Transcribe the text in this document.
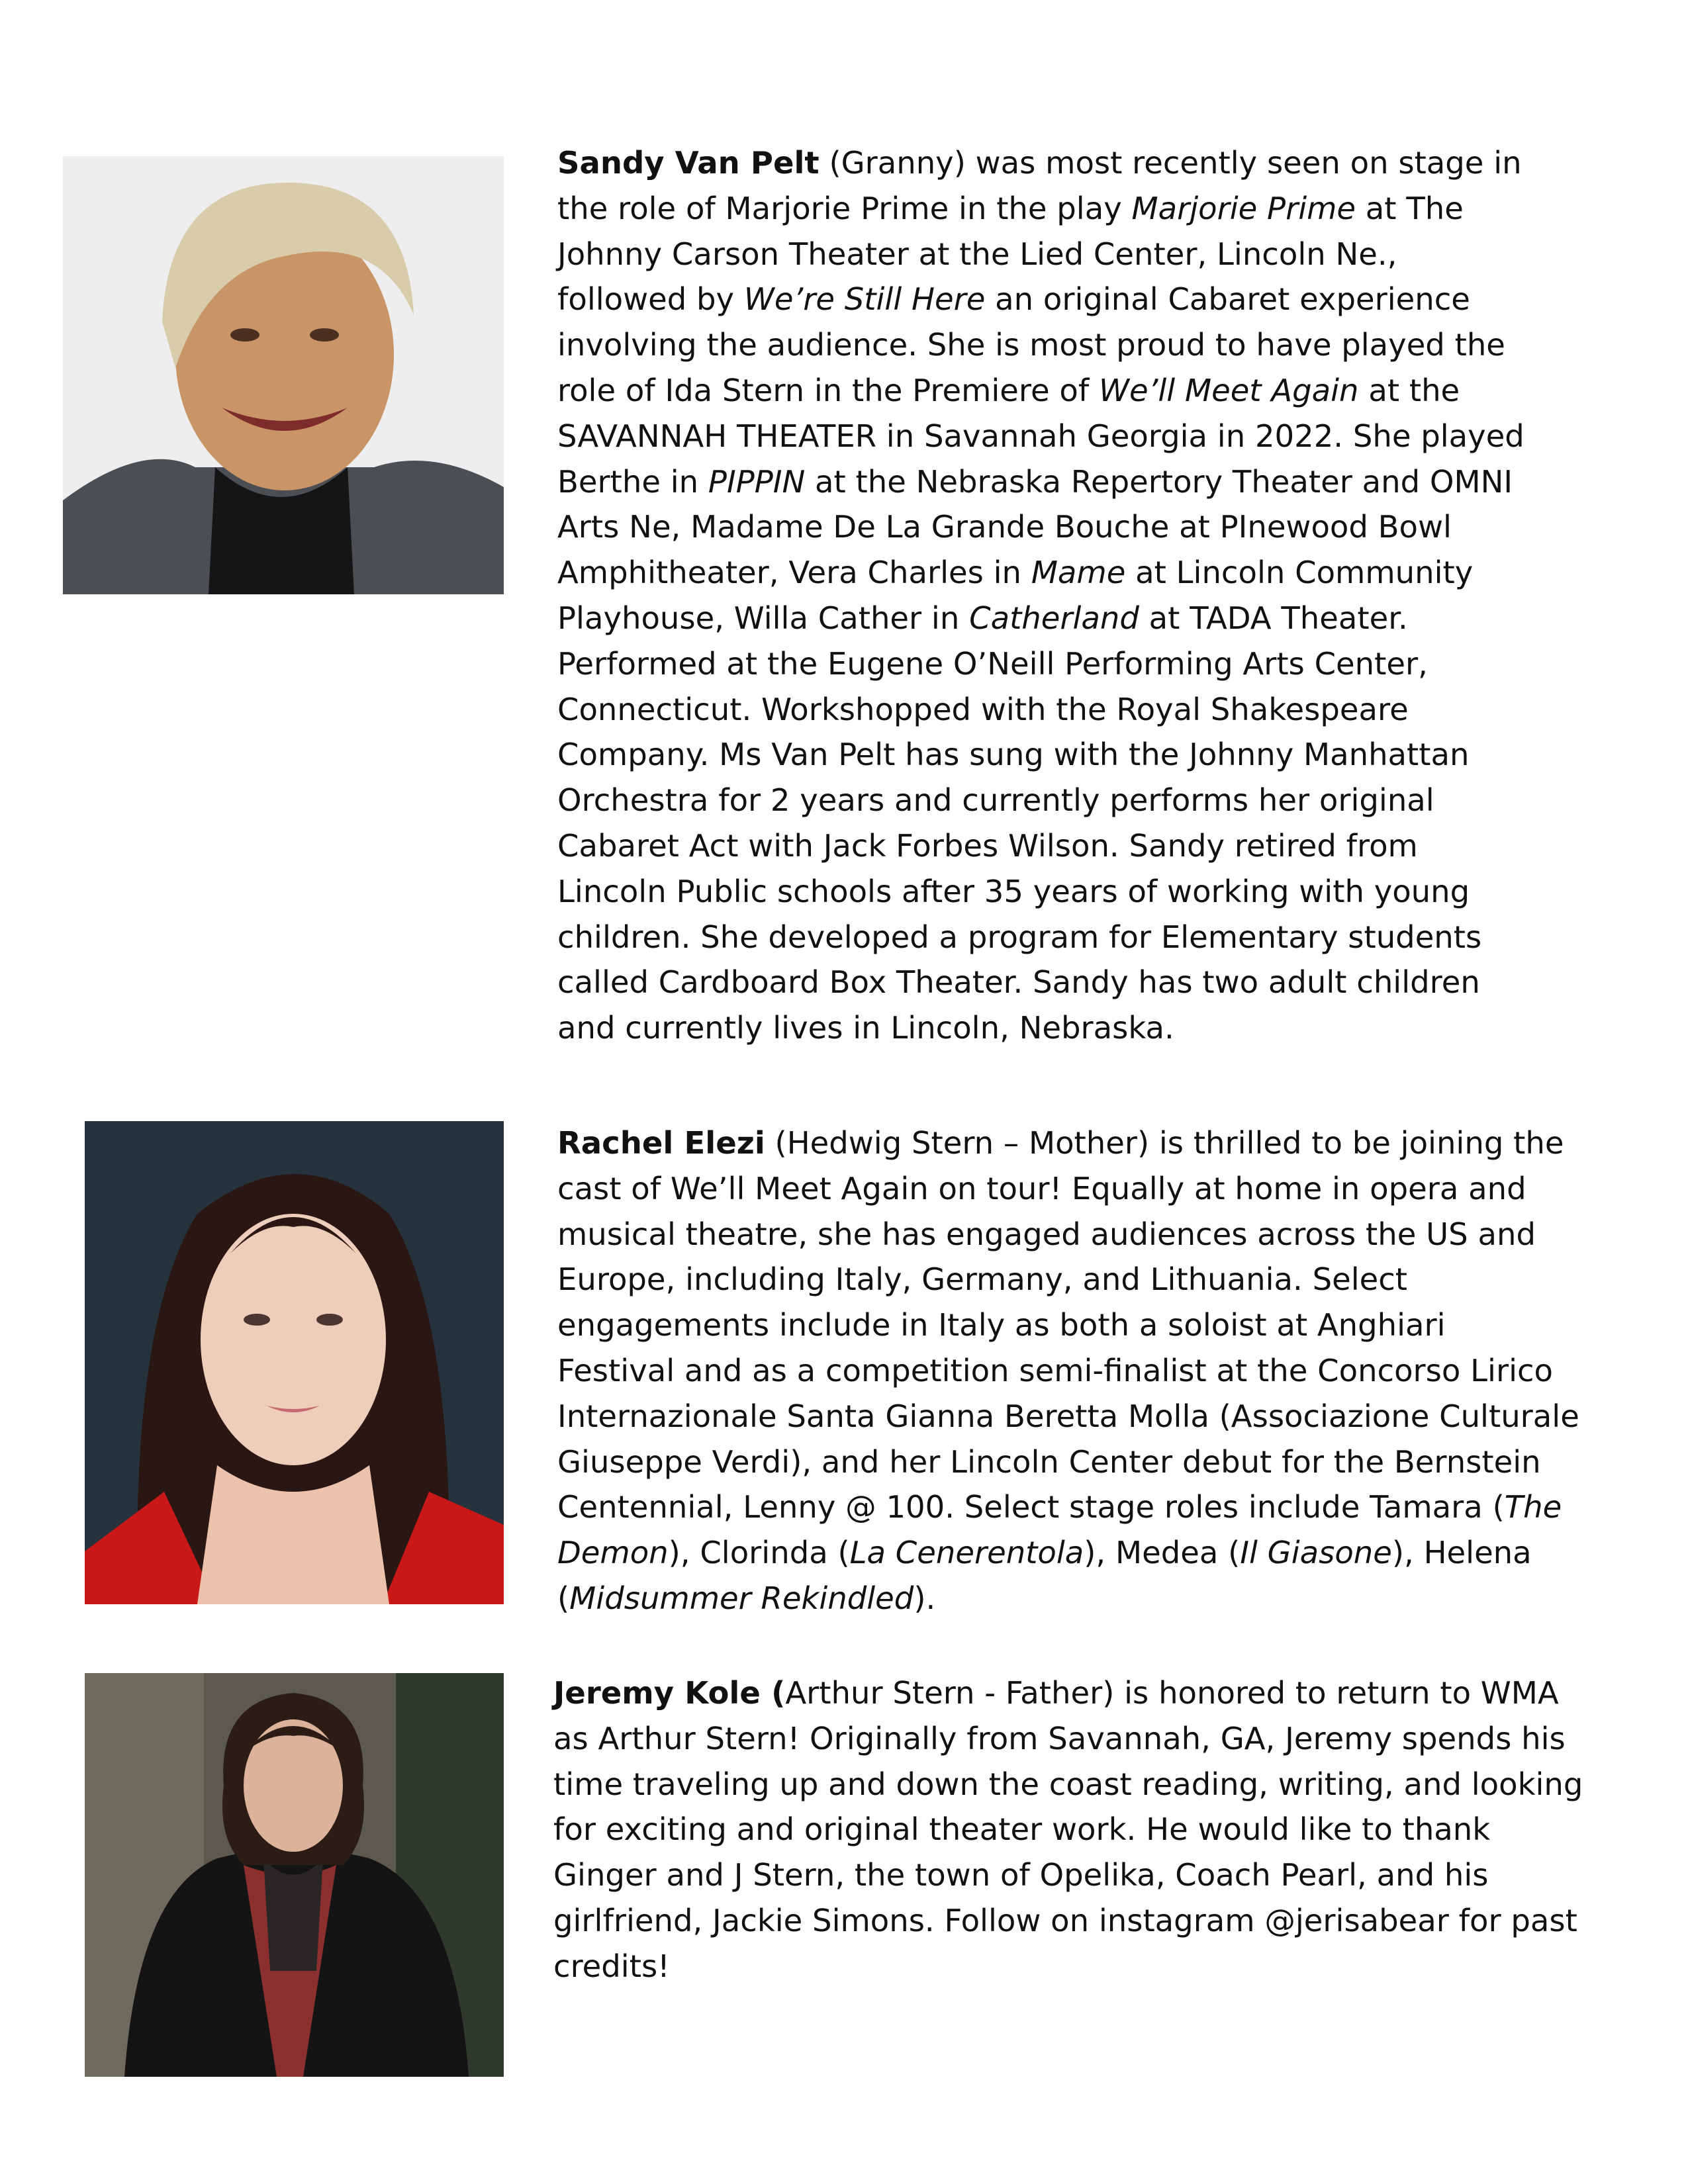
Sandy Van Pelt (Granny) was most recently seen on stage in
the role of Marjorie Prime in the play Marjorie Prime at The
Johnny Carson Theater at the Lied Center, Lincoln Ne.,
followed by We’re Still Here an original Cabaret experience
involving the audience. She is most proud to have played the
role of Ida Stern in the Premiere of We’ll Meet Again at the
SAVANNAH THEATER in Savannah Georgia in 2022. She played
Berthe in PIPPIN at the Nebraska Repertory Theater and OMNI
Arts Ne, Madame De La Grande Bouche at PInewood Bowl
Amphitheater, Vera Charles in Mame at Lincoln Community
Playhouse, Willa Cather in Catherland at TADA Theater.
Performed at the Eugene O’Neill Performing Arts Center,
Connecticut. Workshopped with the Royal Shakespeare
Company. Ms Van Pelt has sung with the Johnny Manhattan
Orchestra for 2 years and currently performs her original
Cabaret Act with Jack Forbes Wilson. Sandy retired from
Lincoln Public schools after 35 years of working with young
children. She developed a program for Elementary students
called Cardboard Box Theater. Sandy has two adult children
and currently lives in Lincoln, Nebraska.
Rachel Elezi (Hedwig Stern – Mother) is thrilled to be joining the
cast of We’ll Meet Again on tour! Equally at home in opera and
musical theatre, she has engaged audiences across the US and
Europe, including Italy, Germany, and Lithuania. Select
engagements include in Italy as both a soloist at Anghiari
Festival and as a competition semi-finalist at the Concorso Lirico
Internazionale Santa Gianna Beretta Molla (Associazione Culturale
Giuseppe Verdi), and her Lincoln Center debut for the Bernstein
Centennial, Lenny @ 100. Select stage roles include Tamara (The
Demon), Clorinda (La Cenerentola), Medea (Il Giasone), Helena
(Midsummer Rekindled).
Jeremy Kole (Arthur Stern - Father) is honored to return to WMA
as Arthur Stern! Originally from Savannah, GA, Jeremy spends his
time traveling up and down the coast reading, writing, and looking
for exciting and original theater work. He would like to thank
Ginger and J Stern, the town of Opelika, Coach Pearl, and his
girlfriend, Jackie Simons. Follow on instagram @jerisabear for past
credits!
